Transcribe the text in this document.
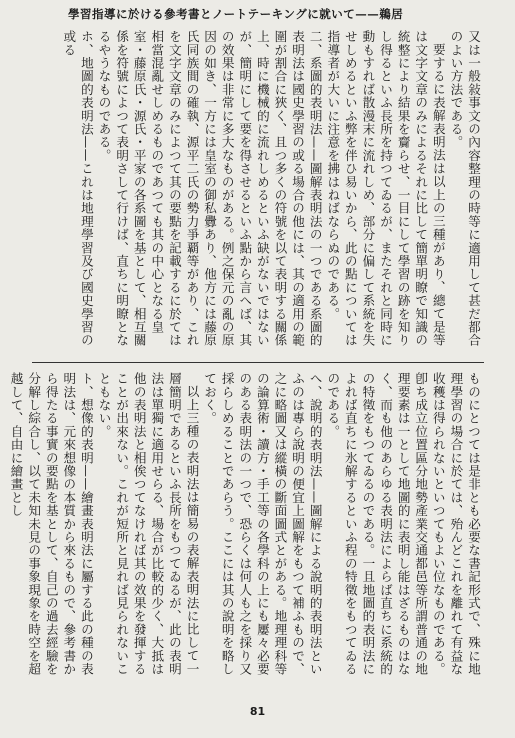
學習指導に於ける參考書とノートテーキングに就いて——鵜居

又は一般敍事文の內容整理の時等に適用して甚だ都合のよい方法である。

要するに表解表明法は以上の三種があり、總て是等は文字文章のみによるそれに比して簡單明瞭で知識の統整により結果を齎らせ、一目にして學習の跡を知りし得るといふ長所を持つてゐるが、またそれと同時に動もすれば散漫末に流れしめ、部分に偏して系統を失せしめるといふ弊を伴ひ易いから、此の點については指導者が大いに注意を拂はねばならぬのである。

二、系圖的表明法——圖解表明法の一つである系圖的表明法は國史學習の或る場合の他には、其の適用の範圍が割合に狹く、且つ多くの符號を以て表明する關係上、時に機械的に流れしめるといふ缺がないではないが、簡明にして要を得させるといふ點から言へば、其の效果は非常に多大なものがある。例之保元の亂の原因の如き、一方には皇室の御私釁あり、他方には藤原氏同族間の確執、源平二氏の勢力爭覇等があり、これを文字文章のみによつて其の要點を記載するに於ては相當混亂せしめるものであつても其の中心となる皇室・藤原氏・源氏・平家の各系圖を基として、相互關係を符號によつて表明さして行けば、直ちに明瞭となるやうなものである。

ホ、地圖的表明法——これは地理學習及び國史學習の或る

ものにとつては是非とも必要な書記形式で、殊に地理學習の場合に於ては、殆んどこれを離れて有益な收穫は得られないといつてもよい位なものである。卽ち成立位置區分地勢產業交通都邑等所謂普通の地理要素は一として地圖的に表明し能はざるものはなく、而も他のあらゆる表明法によらば直ちに系統的の特徵をもつてゐるのである。一且地圖的表明法によれば直ちに氷解するといふ程の特徵をもつてゐるのである。

へ、說明的表明法——圖解による說明的表明法といふのは專ら說明の便宜上圖解をもつて補ふもので、之に略圖又は縱橫の斷面圖式とがある。地理理科等の論算術・讀方・手工等の各學科の上にも屢々必要のある表明法の一つで、恐らくは何人も之を採り又採らしめることであらう。ここには其の說明を略しておく。

以上三種の表明法は簡易の表解表明法に比して一層簡明であるといふ長所をもつてゐるが、此の表明法は單獨に適用せらる、場合が比較的少く、大抵は他の表明法と相俟つてなければ其の效果を發揮することが出來ない。これが短所と見れば見られないこともない。

ト、想像的表明——繪畫表明法に屬する此の種の表明法は、元來想像の本質から來るもので、參考書から得たる事實の要點を基として、自己の過去經驗を分解し綜合し、以て未知未見の事象現象を時空を超越して、自由に繪畫とし

81
